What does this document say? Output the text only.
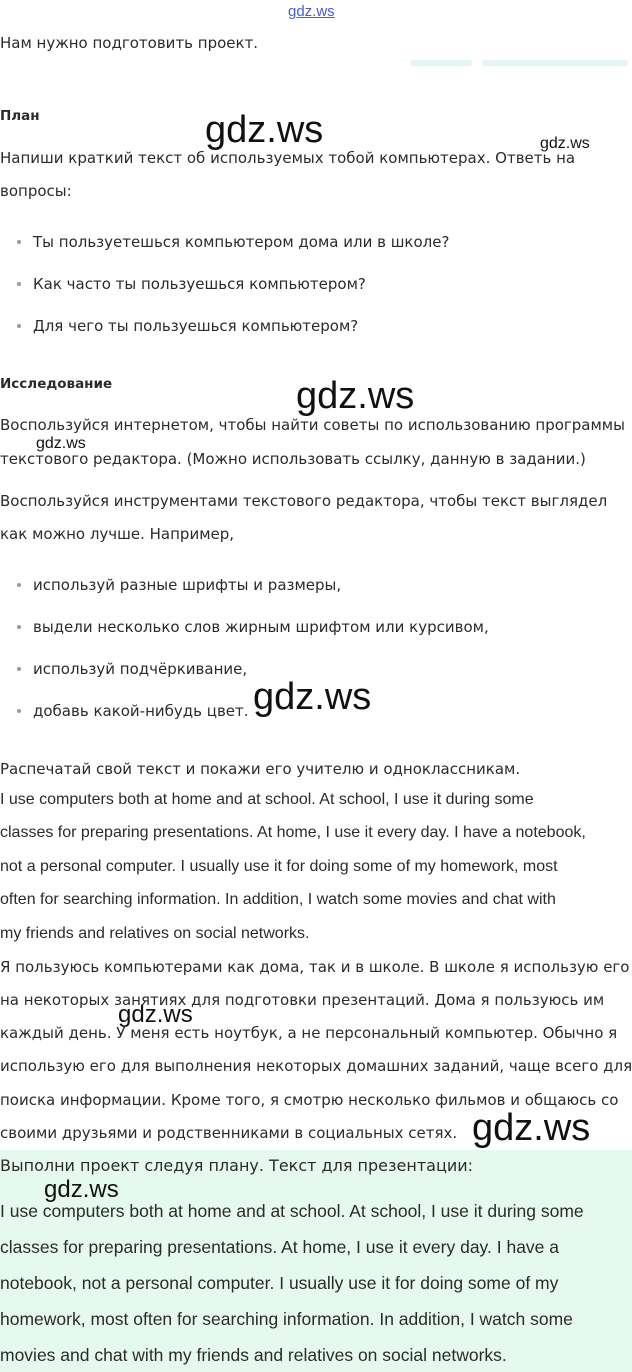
gdz.ws
Нам нужно подготовить проект.
План
Напиши краткий текст об используемых тобой компьютерах. Ответь на
вопросы:
Ты пользуетешься компьютером дома или в школе?
Как часто ты пользуешься компьютером?
Для чего ты пользуешься компьютером?
Исследование
Воспользуйся интернетом, чтобы найти советы по использованию программы
текстового редактора. (Можно использовать ссылку, данную в задании.)
Воспользуйся инструментами текстового редактора, чтобы текст выглядел
как можно лучше. Например,
используй разные шрифты и размеры,
выдели несколько слов жирным шрифтом или курсивом,
используй подчёркивание,
добавь какой-нибудь цвет.
Распечатай свой текст и покажи его учителю и одноклассникам.
I use computers both at home and at school. At school, I use it during some
classes for preparing presentations. At home, I use it every day. I have a notebook,
not a personal computer. I usually use it for doing some of my homework, most
often for searching information. In addition, I watch some movies and chat with
my friends and relatives on social networks.
Я пользуюсь компьютерами как дома, так и в школе. В школе я использую его
на некоторых занятиях для подготовки презентаций. Дома я пользуюсь им
каждый день. У меня есть ноутбук, а не персональный компьютер. Обычно я
использую его для выполнения некоторых домашних заданий, чаще всего для
поиска информации. Кроме того, я смотрю несколько фильмов и общаюсь со
своими друзьями и родственниками в социальных сетях.
Выполни проект следуя плану. Текст для презентации:
I use computers both at home and at school. At school, I use it during some
classes for preparing presentations. At home, I use it every day. I have a
notebook, not a personal computer. I usually use it for doing some of my
homework, most often for searching information. In addition, I watch some
movies and chat with my friends and relatives on social networks.
gdz.ws	gdz.ws
gdz.ws
gdz.ws
gdz.ws
gdz.ws
gdz.ws
gdz.ws
